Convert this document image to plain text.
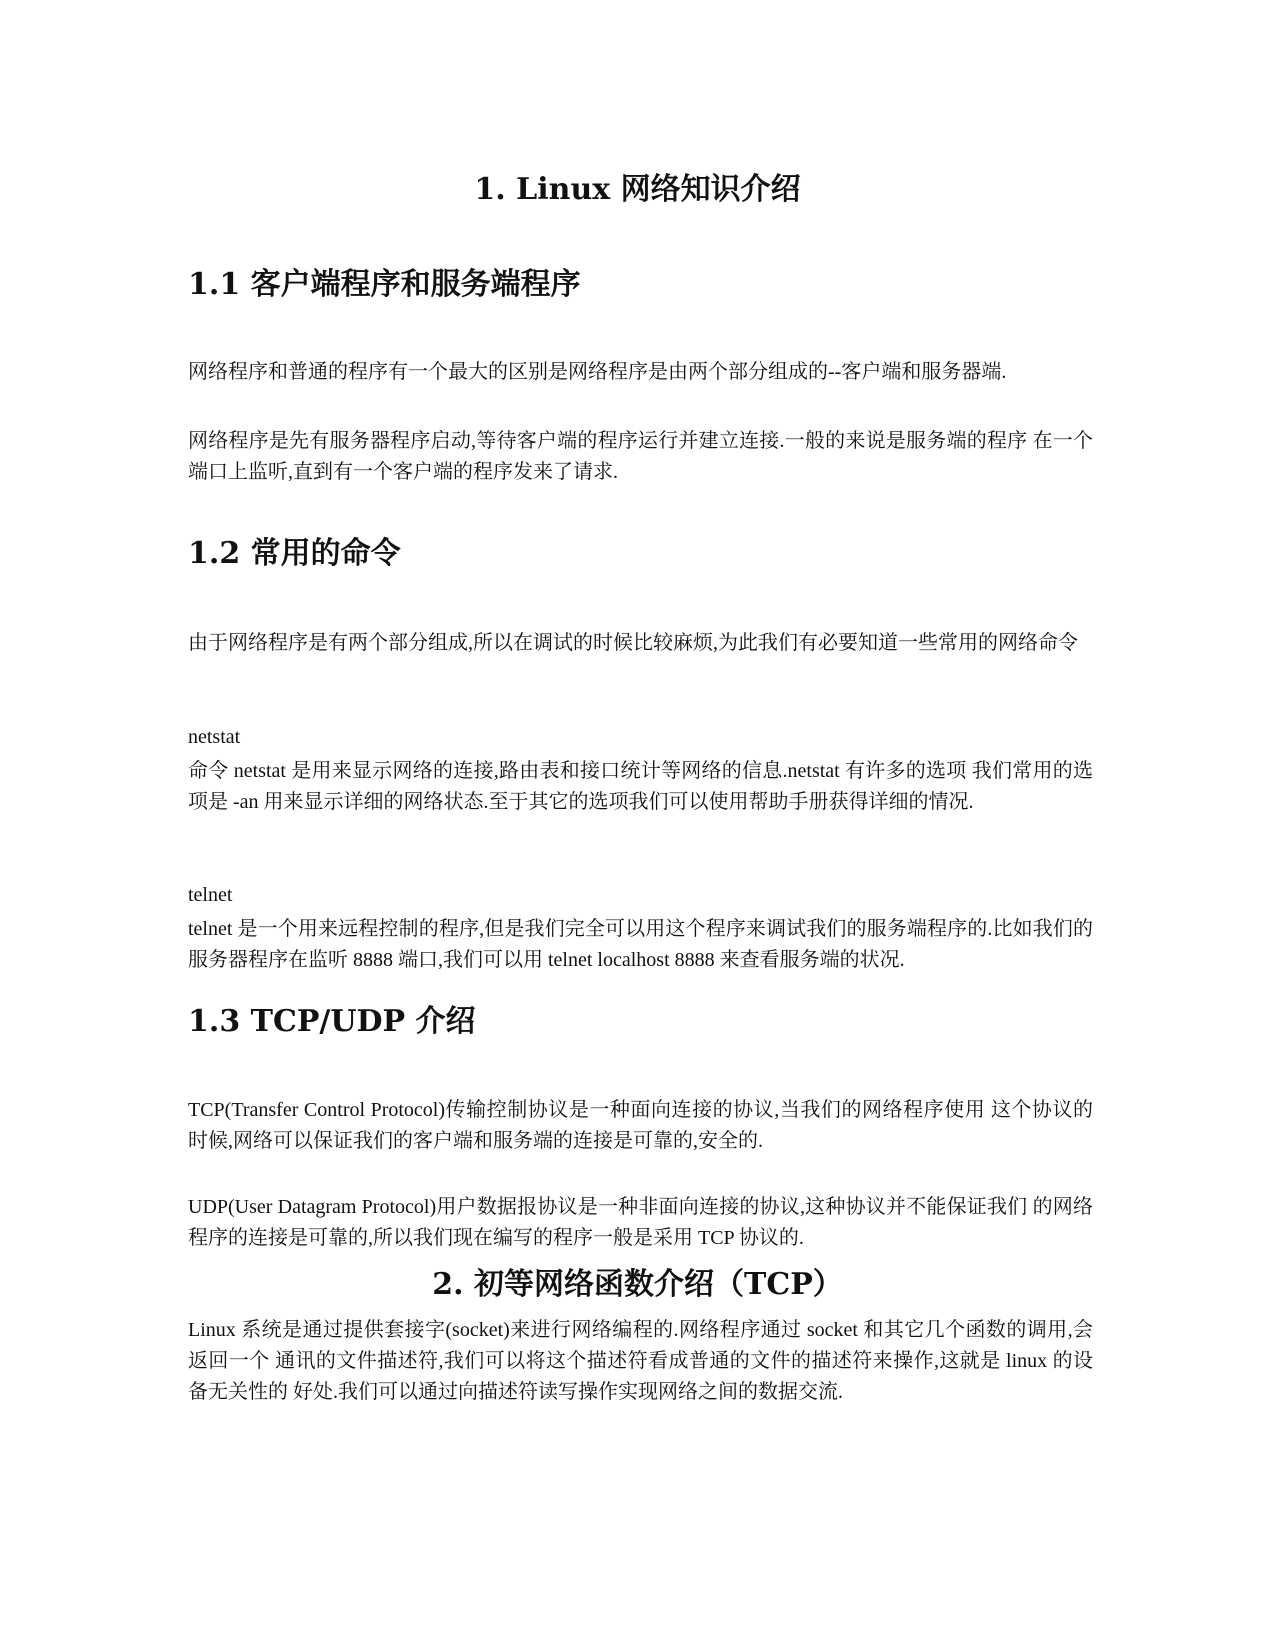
1. Linux 网络知识介绍
1.1 客户端程序和服务端程序
网络程序和普通的程序有一个最大的区别是网络程序是由两个部分组成的--客户端和服务器端.
网络程序是先有服务器程序启动,等待客户端的程序运行并建立连接.一般的来说是服务端的程序 在一个端口上监听,直到有一个客户端的程序发来了请求.
1.2 常用的命令
由于网络程序是有两个部分组成,所以在调试的时候比较麻烦,为此我们有必要知道一些常用的网络命令
netstat
命令 netstat 是用来显示网络的连接,路由表和接口统计等网络的信息.netstat 有许多的选项 我们常用的选项是 -an 用来显示详细的网络状态.至于其它的选项我们可以使用帮助手册获得详细的情况.
telnet
telnet 是一个用来远程控制的程序,但是我们完全可以用这个程序来调试我们的服务端程序的.比如我们的服务器程序在监听 8888 端口,我们可以用 telnet localhost 8888 来查看服务端的状况.
1.3 TCP/UDP 介绍
TCP(Transfer Control Protocol)传输控制协议是一种面向连接的协议,当我们的网络程序使用 这个协议的时候,网络可以保证我们的客户端和服务端的连接是可靠的,安全的.
UDP(User Datagram Protocol)用户数据报协议是一种非面向连接的协议,这种协议并不能保证我们 的网络程序的连接是可靠的,所以我们现在编写的程序一般是采用 TCP 协议的.
2. 初等网络函数介绍（TCP）
Linux 系统是通过提供套接字(socket)来进行网络编程的.网络程序通过 socket 和其它几个函数的调用,会返回一个 通讯的文件描述符,我们可以将这个描述符看成普通的文件的描述符来操作,这就是 linux 的设备无关性的 好处.我们可以通过向描述符读写操作实现网络之间的数据交流.
